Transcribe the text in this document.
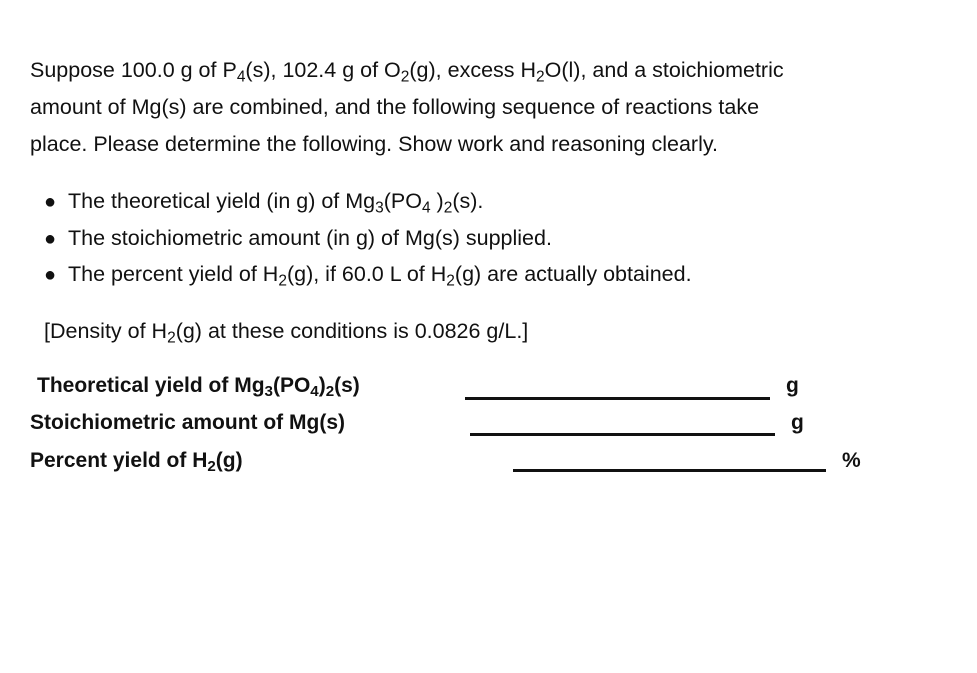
Suppose 100.0 g of $P_4(s)$, 102.4 g of $O_2(g)$, excess $H_2O(l)$, and a stoichiometric
amount of Mg(s) are combined, and the following sequence of reactions take
place. Please determine the following. Show work and reasoning clearly.
● The theoretical yield (in g) of $Mg_3(PO_4$ )$_2(s)$.
● The stoichiometric amount (in g) of Mg(s) supplied.
● The percent yield of $H_2(g)$, if 60.0 L of $H_2(g)$ are actually obtained.
[Density of $H_2(g)$ at these conditions is 0.0826 g/L.]
Theoretical yield of $Mg_3(PO_4)_2(s)$	g
Stoichiometric amount of Mg(s)	g
Percent yield of $H_2(g)$	%
